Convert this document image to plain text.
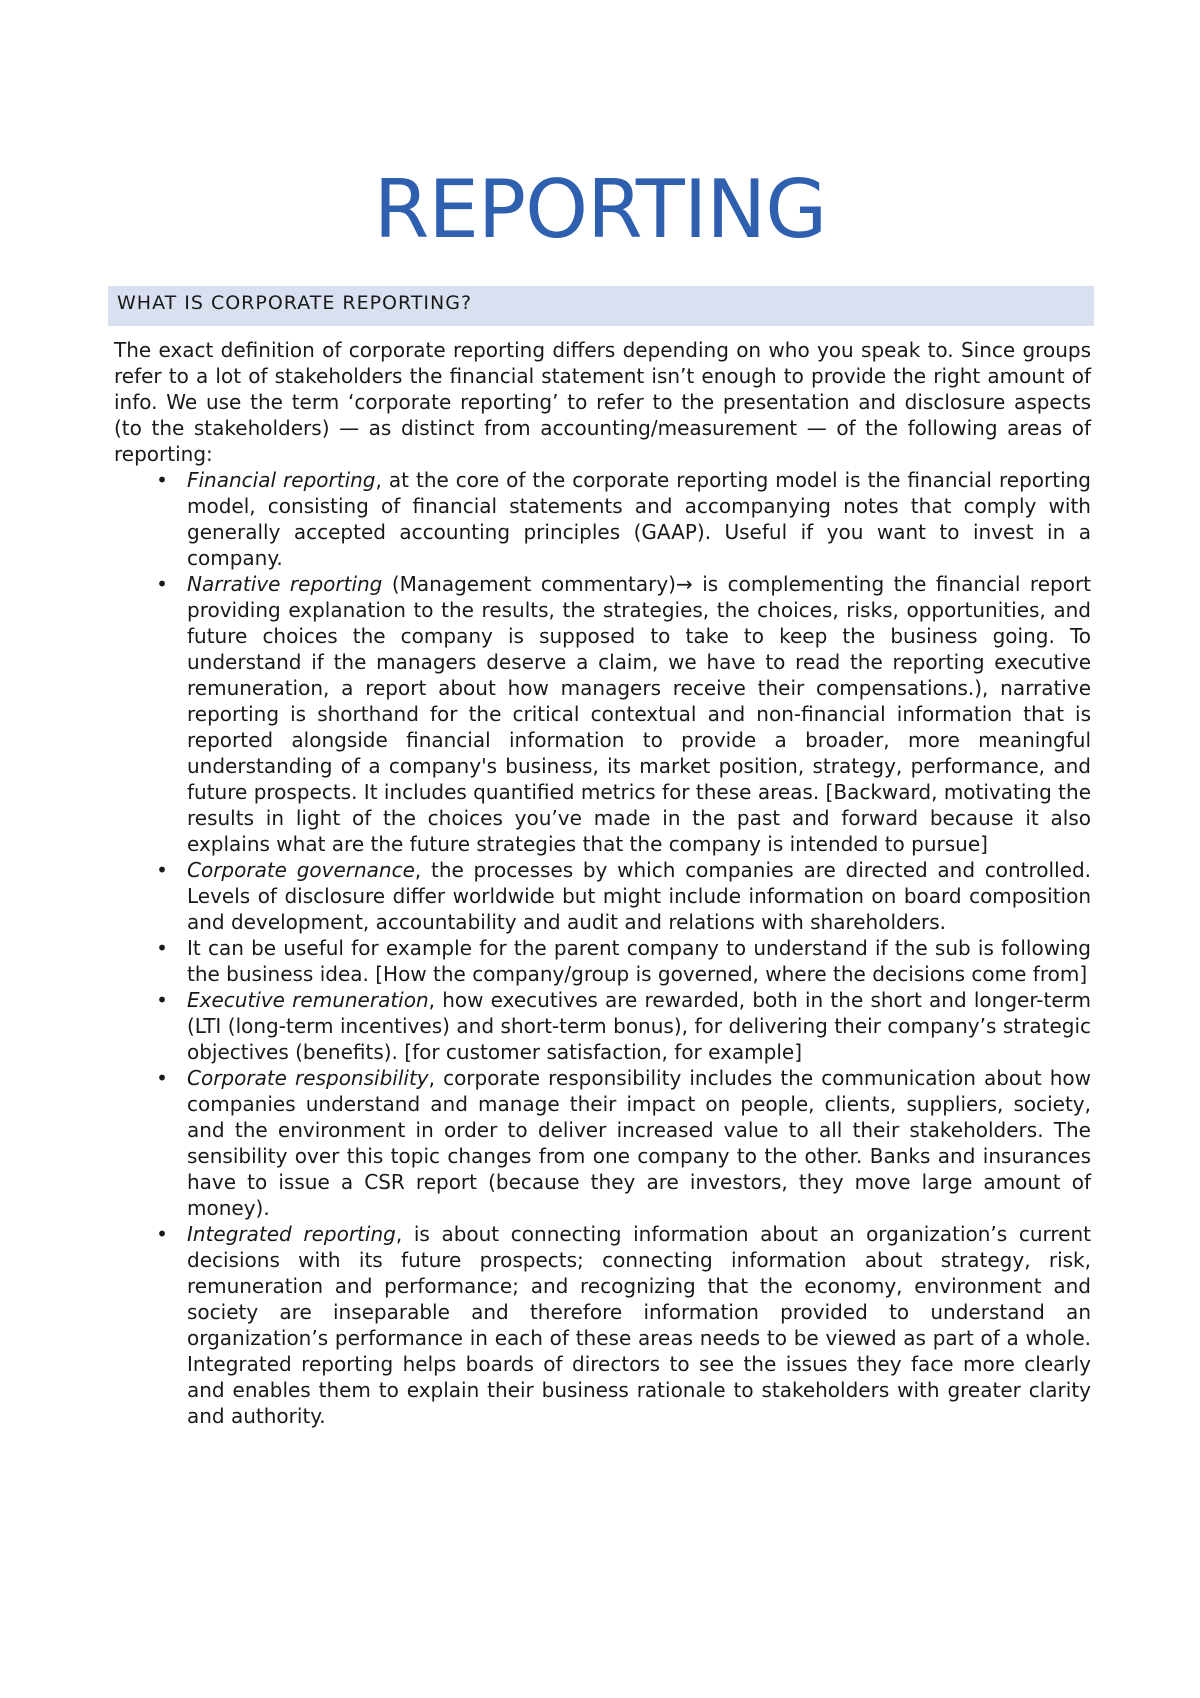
REPORTING
WHAT IS CORPORATE REPORTING?

The exact definition of corporate reporting differs depending on who you speak to. Since groups refer to a lot of stakeholders the financial statement isn’t enough to provide the right amount of info. We use the term ‘corporate reporting’ to refer to the presentation and disclosure aspects (to the stakeholders) — as distinct from accounting/measurement — of the following areas of reporting:

• Financial reporting, at the core of the corporate reporting model is the financial reporting model, consisting of financial statements and accompanying notes that comply with generally accepted accounting principles (GAAP). Useful if you want to invest in a company.
• Narrative reporting (Management commentary)→ is complementing the financial report providing explanation to the results, the strategies, the choices, risks, opportunities, and future choices the company is supposed to take to keep the business going. To understand if the managers deserve a claim, we have to read the reporting executive remuneration, a report about how managers receive their compensations.), narrative reporting is shorthand for the critical contextual and non-financial information that is reported alongside financial information to provide a broader, more meaningful understanding of a company's business, its market position, strategy, performance, and future prospects. It includes quantified metrics for these areas. [Backward, motivating the results in light of the choices you’ve made in the past and forward because it also explains what are the future strategies that the company is intended to pursue]
• Corporate governance, the processes by which companies are directed and controlled. Levels of disclosure differ worldwide but might include information on board composition and development, accountability and audit and relations with shareholders.
• It can be useful for example for the parent company to understand if the sub is following the business idea. [How the company/group is governed, where the decisions come from]
• Executive remuneration, how executives are rewarded, both in the short and longer-term (LTI (long-term incentives) and short-term bonus), for delivering their company’s strategic objectives (benefits). [for customer satisfaction, for example]
• Corporate responsibility, corporate responsibility includes the communication about how companies understand and manage their impact on people, clients, suppliers, society, and the environment in order to deliver increased value to all their stakeholders. The sensibility over this topic changes from one company to the other. Banks and insurances have to issue a CSR report (because they are investors, they move large amount of money).
• Integrated reporting, is about connecting information about an organization’s current decisions with its future prospects; connecting information about strategy, risk, remuneration and performance; and recognizing that the economy, environment and society are inseparable and therefore information provided to understand an organization’s performance in each of these areas needs to be viewed as part of a whole. Integrated reporting helps boards of directors to see the issues they face more clearly and enables them to explain their business rationale to stakeholders with greater clarity and authority.
